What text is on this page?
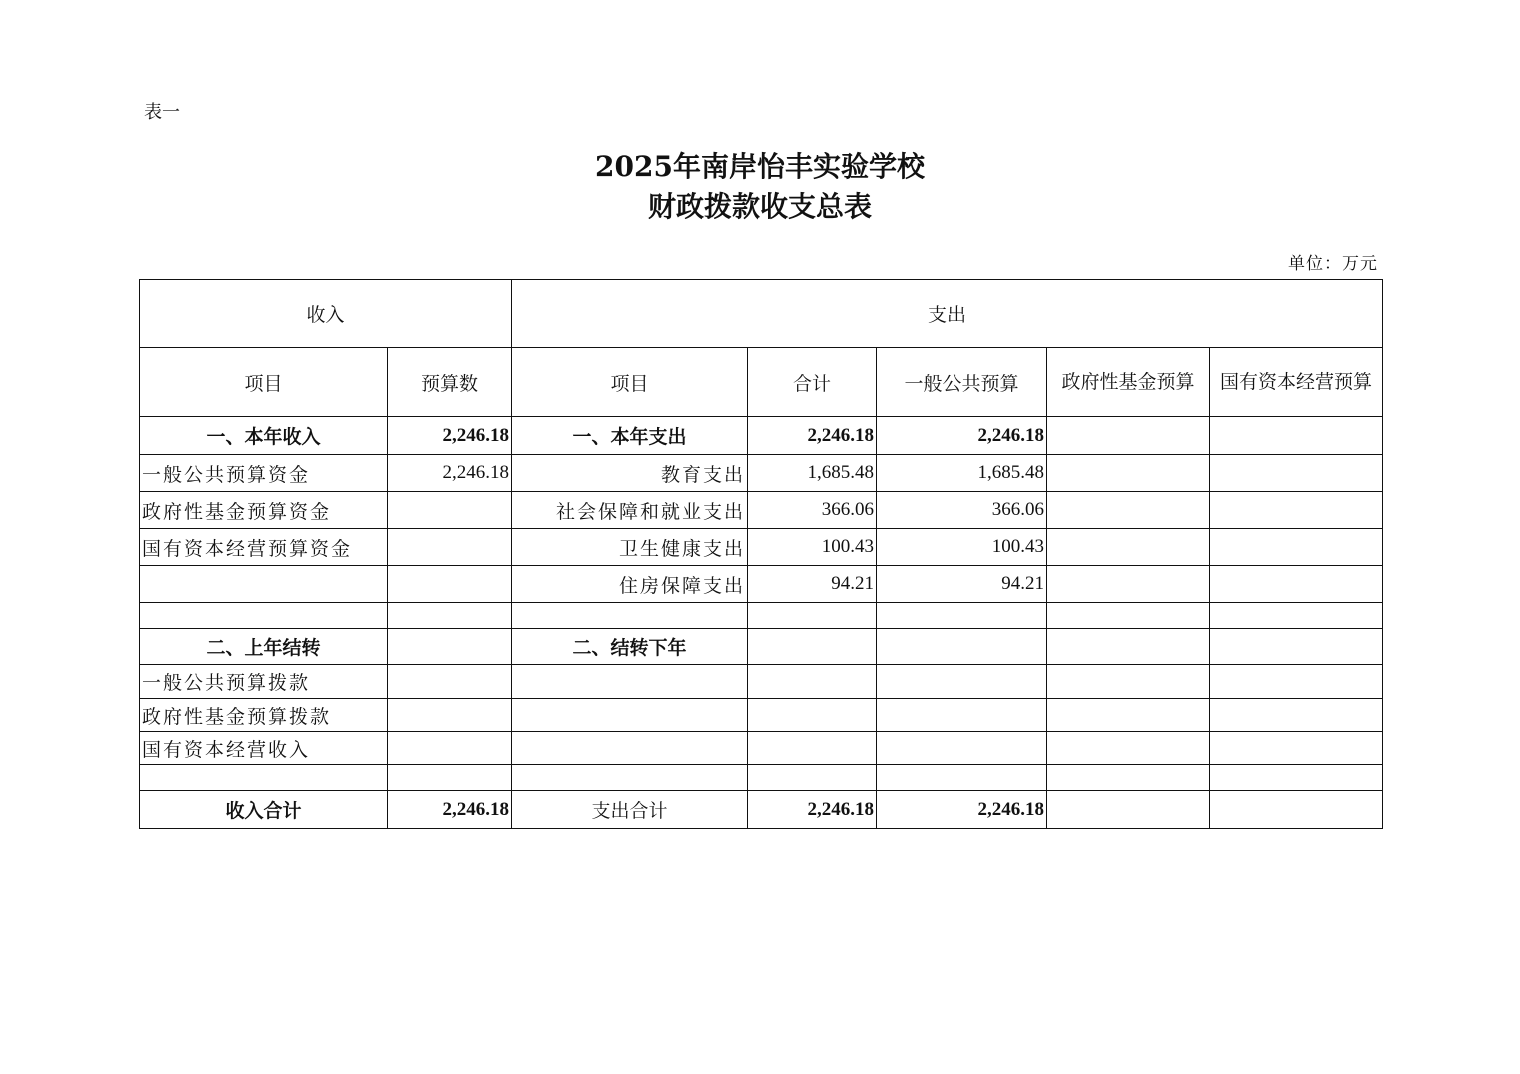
表一
2025年南岸怡丰实验学校
财政拨款收支总表
单位：万元
收入		支出				
项目	预算数	项目	合计	一般公共预算	政府性基金预算	国有资本经营预算
一、本年收入	2,246.18	一、本年支出	2,246.18	2,246.18		
一般公共预算资金	2,246.18	教育支出	1,685.48	1,685.48		
政府性基金预算资金		社会保障和就业支出	366.06	366.06		
国有资本经营预算资金		卫生健康支出	100.43	100.43		
		住房保障支出	94.21	94.21		

二、上年结转		二、结转下年				
一般公共预算拨款						
政府性基金预算拨款						
国有资本经营收入						

收入合计	2,246.18	支出合计	2,246.18	2,246.18		
